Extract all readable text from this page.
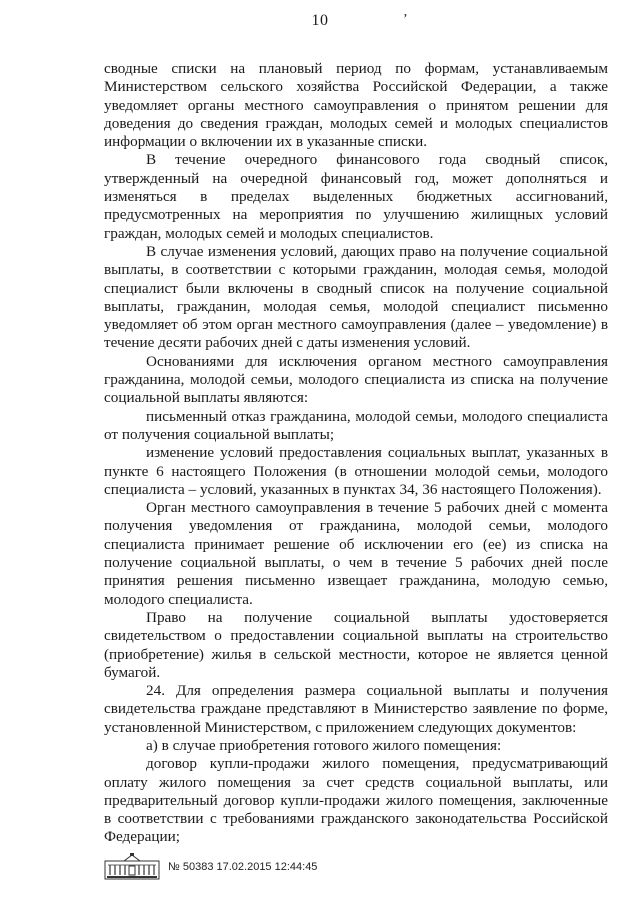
10	ʼ

сводные списки на плановый период по формам, устанавливаемым Министерством сельского хозяйства Российской Федерации, а также уведомляет органы местного самоуправления о принятом решении для доведения до сведения граждан, молодых семей и молодых специалистов информации о включении их в указанные списки.

В течение очередного финансового года сводный список, утвержденный на очередной финансовый год, может дополняться и изменяться в пределах выделенных бюджетных ассигнований, предусмотренных на мероприятия по улучшению жилищных условий граждан, молодых семей и молодых специалистов.

В случае изменения условий, дающих право на получение социальной выплаты, в соответствии с которыми гражданин, молодая семья, молодой специалист были включены в сводный список на получение социальной выплаты, гражданин, молодая семья, молодой специалист письменно уведомляет об этом орган местного самоуправления (далее – уведомление) в течение десяти рабочих дней с даты изменения условий.

Основаниями для исключения органом местного самоуправления гражданина, молодой семьи, молодого специалиста из списка на получение социальной выплаты являются:

письменный отказ гражданина, молодой семьи, молодого специалиста от получения социальной выплаты;

изменение условий предоставления социальных выплат, указанных в пункте 6 настоящего Положения (в отношении молодой семьи, молодого специалиста – условий, указанных в пунктах 34, 36 настоящего Положения).

Орган местного самоуправления в течение 5 рабочих дней с момента получения уведомления от гражданина, молодой семьи, молодого специалиста принимает решение об исключении его (ее) из списка на получение социальной выплаты, о чем в течение 5 рабочих дней после принятия решения письменно извещает гражданина, молодую семью, молодого специалиста.

Право на получение социальной выплаты удостоверяется свидетельством о предоставлении социальной выплаты на строительство (приобретение) жилья в сельской местности, которое не является ценной бумагой.

24. Для определения размера социальной выплаты и получения свидетельства граждане представляют в Министерство заявление по форме, установленной Министерством, с приложением следующих документов:

а) в случае приобретения готового жилого помещения:

договор купли-продажи жилого помещения, предусматривающий оплату жилого помещения за счет средств социальной выплаты, или предварительный договор купли-продажи жилого помещения, заключенные в соответствии с требованиями гражданского законодательства Российской Федерации;

№ 50383 17.02.2015 12:44:45
